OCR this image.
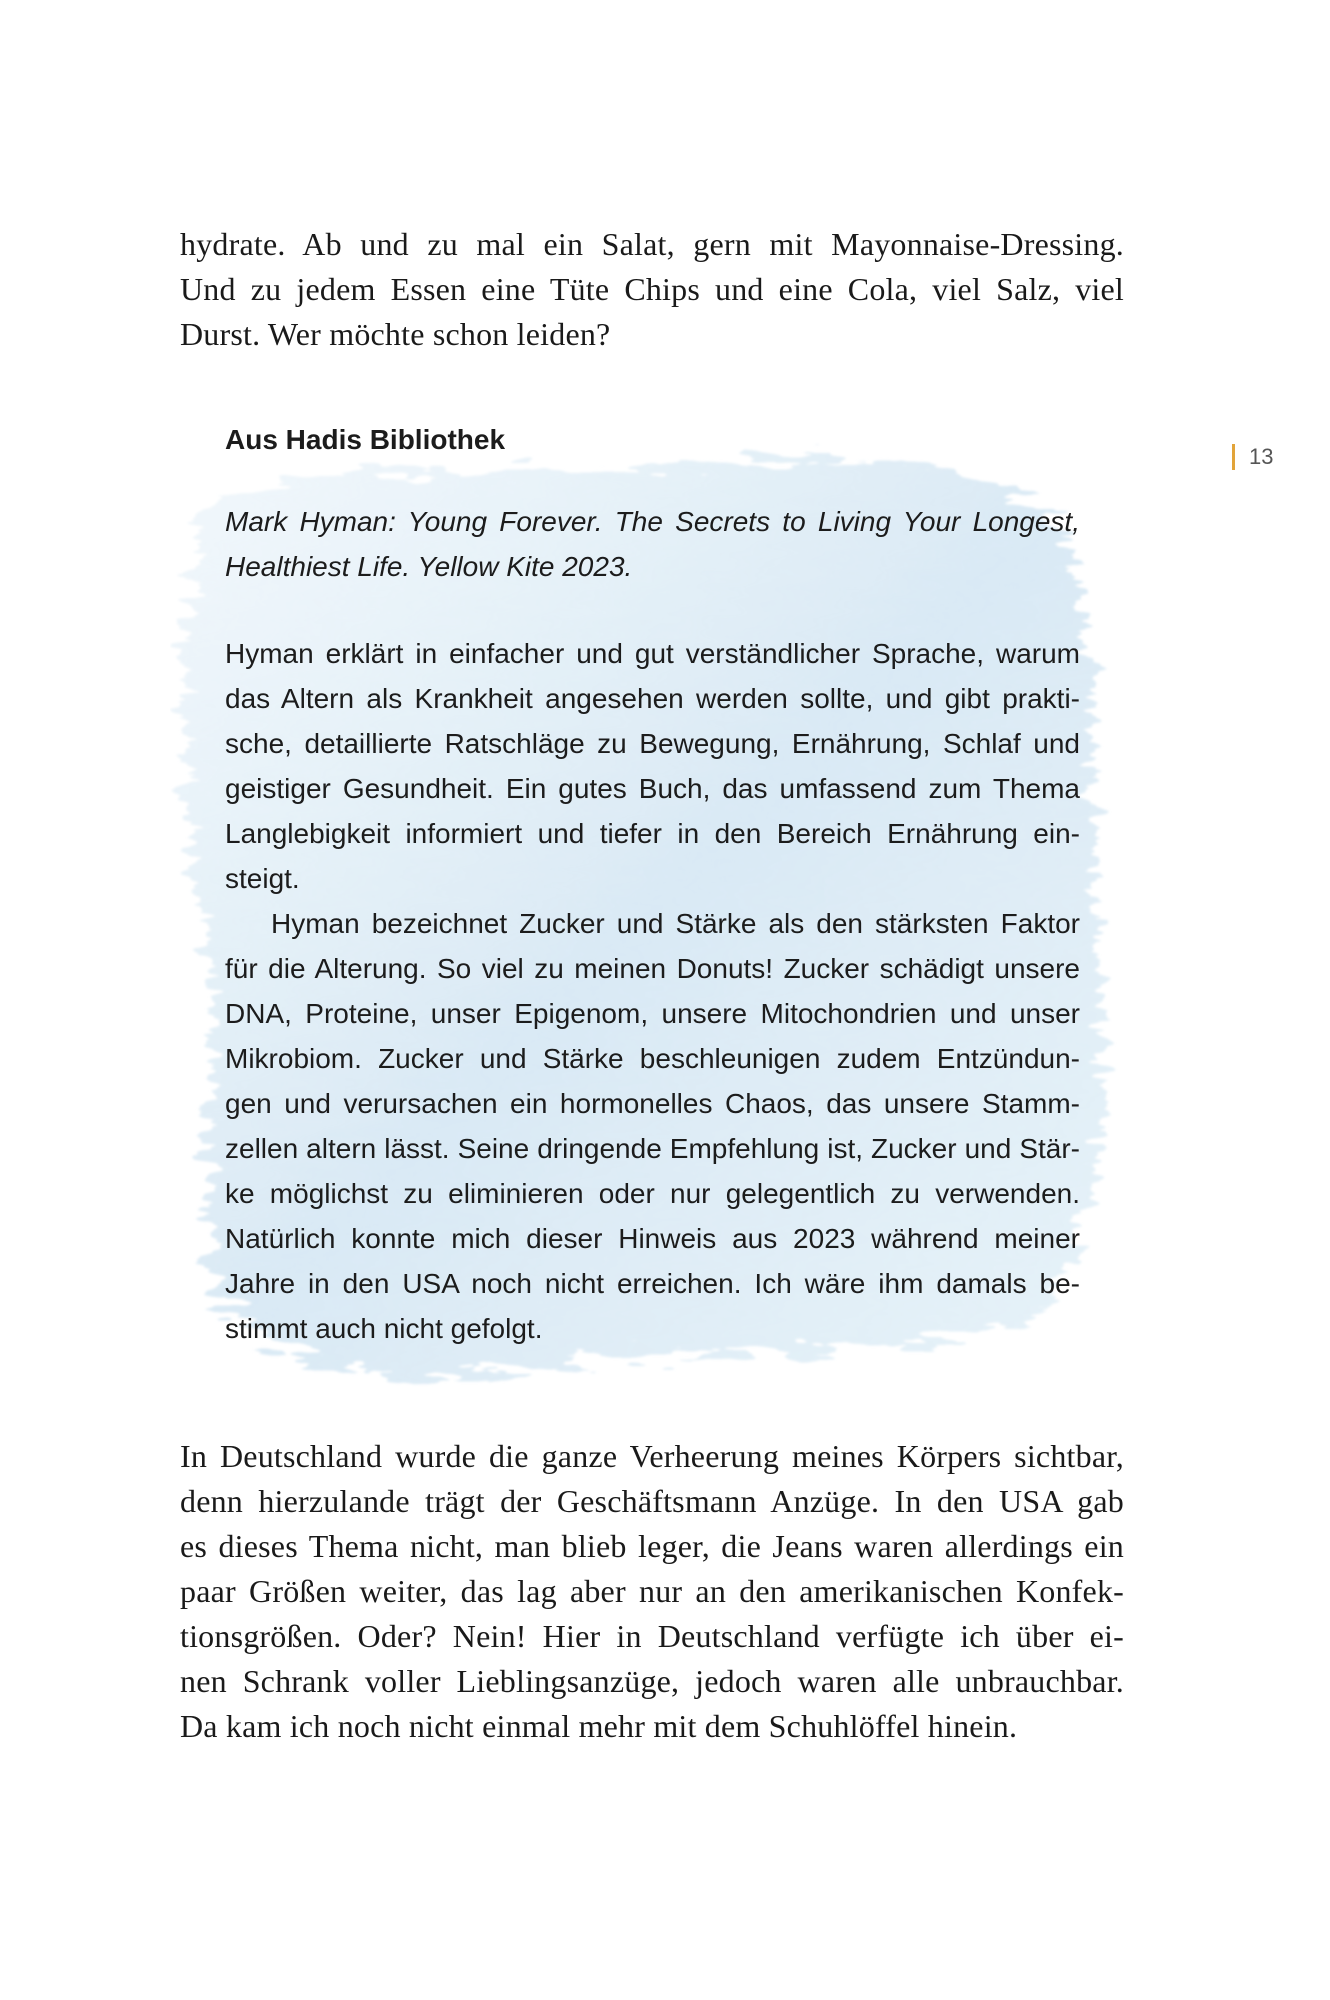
hydrate. Ab und zu mal ein Salat, gern mit Mayonnaise-Dressing.
Und zu jedem Essen eine Tüte Chips und eine Cola, viel Salz, viel
Durst. Wer möchte schon leiden?
13
Aus Hadis Bibliothek
Mark Hyman: Young Forever. The Secrets to Living Your Longest,
Healthiest Life. Yellow Kite 2023.
Hyman erklärt in einfacher und gut verständlicher Sprache, warum
das Altern als Krankheit angesehen werden sollte, und gibt prakti-
sche, detaillierte Ratschläge zu Bewegung, Ernährung, Schlaf und
geistiger Gesundheit. Ein gutes Buch, das umfassend zum Thema
Langlebigkeit informiert und tiefer in den Bereich Ernährung ein-
steigt.
Hyman bezeichnet Zucker und Stärke als den stärksten Faktor
für die Alterung. So viel zu meinen Donuts! Zucker schädigt unsere
DNA, Proteine, unser Epigenom, unsere Mitochondrien und unser
Mikrobiom. Zucker und Stärke beschleunigen zudem Entzündun-
gen und verursachen ein hormonelles Chaos, das unsere Stamm-
zellen altern lässt. Seine dringende Empfehlung ist, Zucker und Stär-
ke möglichst zu eliminieren oder nur gelegentlich zu verwenden.
Natürlich konnte mich dieser Hinweis aus 2023 während meiner
Jahre in den USA noch nicht erreichen. Ich wäre ihm damals be-
stimmt auch nicht gefolgt.
In Deutschland wurde die ganze Verheerung meines Körpers sichtbar,
denn hierzulande trägt der Geschäftsmann Anzüge. In den USA gab
es dieses Thema nicht, man blieb leger, die Jeans waren allerdings ein
paar Größen weiter, das lag aber nur an den amerikanischen Konfek-
tionsgrößen. Oder? Nein! Hier in Deutschland verfügte ich über ei-
nen Schrank voller Lieblingsanzüge, jedoch waren alle unbrauchbar.
Da kam ich noch nicht einmal mehr mit dem Schuhlöffel hinein.
